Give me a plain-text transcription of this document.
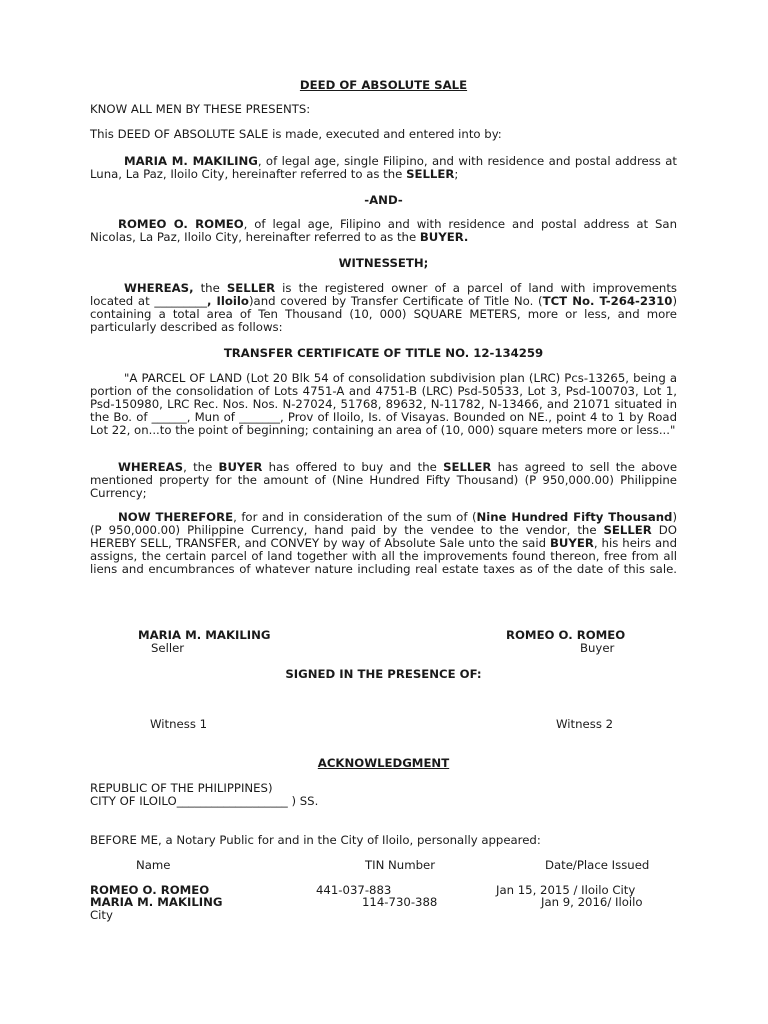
DEED OF ABSOLUTE SALE
KNOW ALL MEN BY THESE PRESENTS:
This DEED OF ABSOLUTE SALE is made, executed and entered into by:

MARIA M. MAKILING, of legal age, single Filipino, and with residence and postal address at Luna, La Paz, Iloilo City, hereinafter referred to as the SELLER;

-AND-

ROMEO O. ROMEO, of legal age, Filipino and with residence and postal address at San Nicolas, La Paz, Iloilo City, hereinafter referred to as the BUYER.

WITNESSETH;

WHEREAS, the SELLER is the registered owner of a parcel of land with improvements located at _________, Iloilo)and covered by Transfer Certificate of Title No. (TCT No. T-264-2310) containing a total area of Ten Thousand (10, 000) SQUARE METERS, more or less, and more particularly described as follows:

TRANSFER CERTIFICATE OF TITLE NO. 12-134259

"A PARCEL OF LAND (Lot 20 Blk 54 of consolidation subdivision plan (LRC) Pcs-13265, being a portion of the consolidation of Lots 4751-A and 4751-B (LRC) Psd-50533, Lot 3, Psd-100703, Lot 1, Psd-150980, LRC Rec. Nos. Nos. N-27024, 51768, 89632, N-11782, N-13466, and 21071 situated in the Bo. of ______, Mun of _______, Prov of Iloilo, Is. of Visayas. Bounded on NE., point 4 to 1 by Road Lot 22, on...to the point of beginning; containing an area of (10, 000) square meters more or less..."

WHEREAS, the BUYER has offered to buy and the SELLER has agreed to sell the above mentioned property for the amount of (Nine Hundred Fifty Thousand) (P 950,000.00) Philippine Currency;

NOW THEREFORE, for and in consideration of the sum of (Nine Hundred Fifty Thousand) (P 950,000.00) Philippine Currency, hand paid by the vendee to the vendor, the SELLER DO HEREBY SELL, TRANSFER, and CONVEY by way of Absolute Sale unto the said BUYER, his heirs and assigns, the certain parcel of land together with all the improvements found thereon, free from all liens and encumbrances of whatever nature including real estate taxes as of the date of this sale.

MARIA M. MAKILING
Seller
ROMEO O. ROMEO
Buyer
SIGNED IN THE PRESENCE OF:
Witness 1	Witness 2
ACKNOWLEDGMENT
REPUBLIC OF THE PHILIPPINES)
CITY OF ILOILO___________________ ) SS.
BEFORE ME, a Notary Public for and in the City of Iloilo, personally appeared:
Name	TIN Number	Date/Place Issued
ROMEO O. ROMEO	441-037-883	Jan 15, 2015 / Iloilo City
MARIA M. MAKILING	114-730-388	Jan 9, 2016/ Iloilo
City
